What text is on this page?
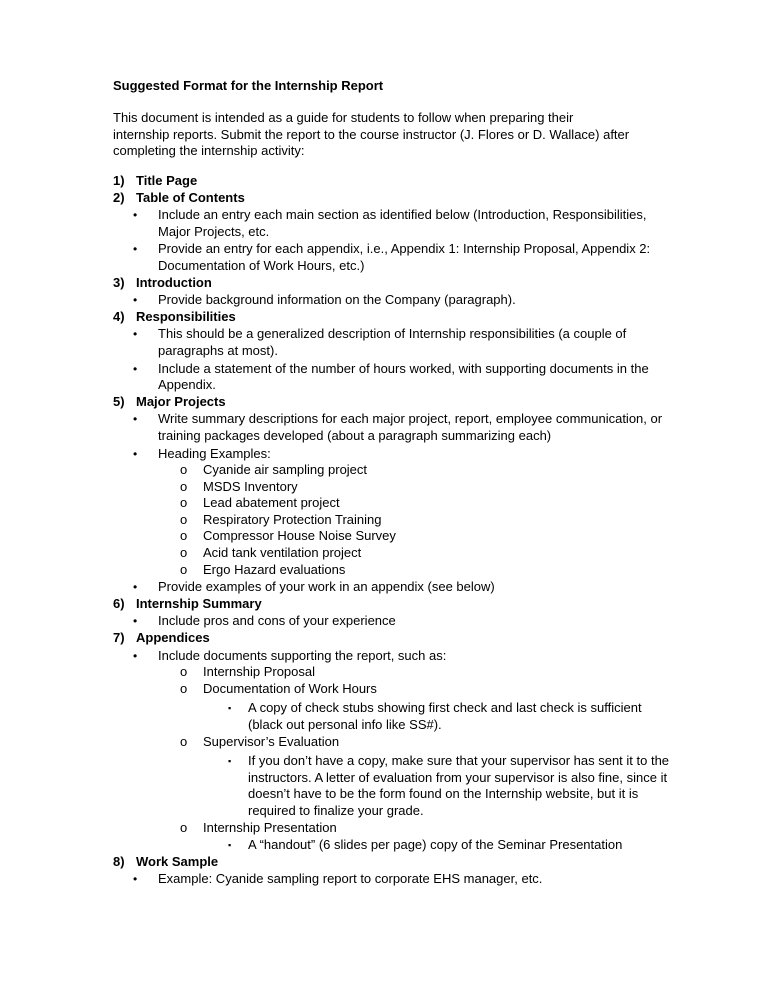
Suggested Format for the Internship Report
This document is intended as a guide for students to follow when preparing their internship reports. Submit the report to the course instructor (J. Flores or D. Wallace) after completing the internship activity:
1) Title Page
2) Table of Contents
• Include an entry each main section as identified below (Introduction, Responsibilities, Major Projects, etc.
• Provide an entry for each appendix, i.e., Appendix 1: Internship Proposal, Appendix 2: Documentation of Work Hours, etc.)
3) Introduction
• Provide background information on the Company (paragraph).
4) Responsibilities
• This should be a generalized description of Internship responsibilities (a couple of paragraphs at most).
• Include a statement of the number of hours worked, with supporting documents in the Appendix.
5) Major Projects
• Write summary descriptions for each major project, report, employee communication, or training packages developed (about a paragraph summarizing each)
• Heading Examples:
o Cyanide air sampling project
o MSDS Inventory
o Lead abatement project
o Respiratory Protection Training
o Compressor House Noise Survey
o Acid tank ventilation project
o Ergo Hazard evaluations
• Provide examples of your work in an appendix (see below)
6) Internship Summary
• Include pros and cons of your experience
7) Appendices
• Include documents supporting the report, such as:
o Internship Proposal
o Documentation of Work Hours
▪ A copy of check stubs showing first check and last check is sufficient (black out personal info like SS#).
o Supervisor’s Evaluation
▪ If you don’t have a copy, make sure that your supervisor has sent it to the instructors. A letter of evaluation from your supervisor is also fine, since it doesn’t have to be the form found on the Internship website, but it is required to finalize your grade.
o Internship Presentation
▪ A “handout” (6 slides per page) copy of the Seminar Presentation
8) Work Sample
• Example: Cyanide sampling report to corporate EHS manager, etc.
